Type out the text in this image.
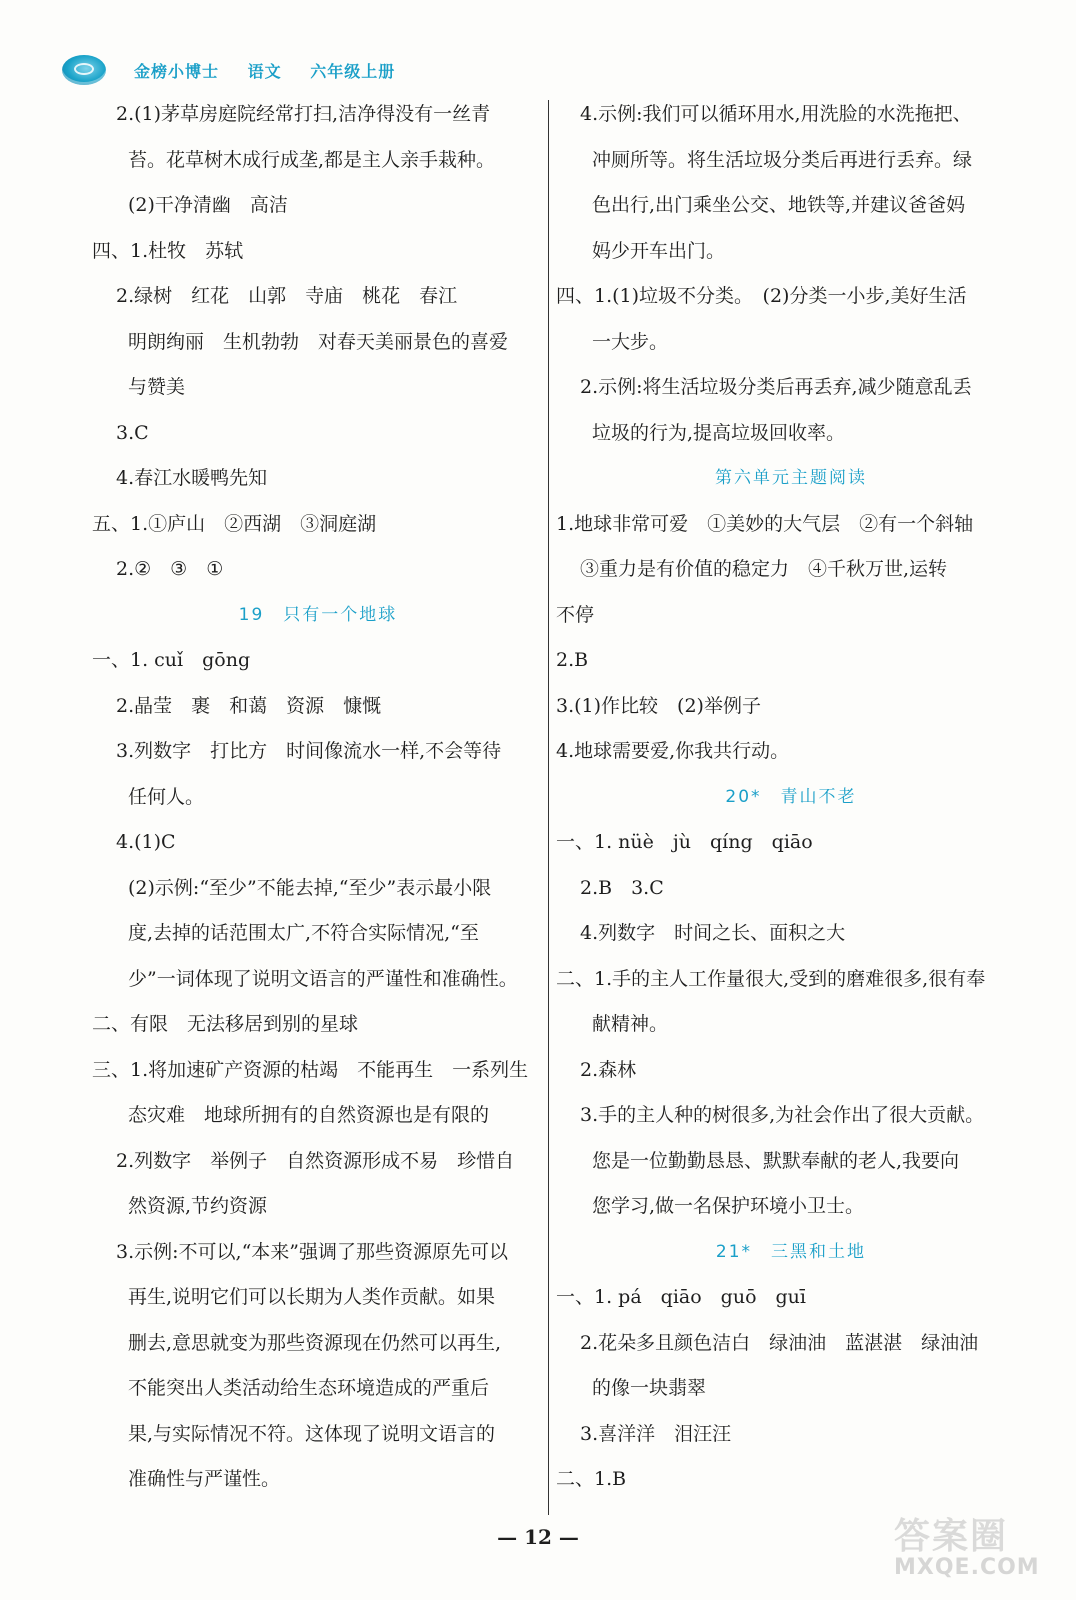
金榜小博士 语文 六年级上册
2.(1)茅草房庭院经常打扫,洁净得没有一丝青
苔。花草树木成行成垄,都是主人亲手栽种。
(2)干净清幽　高洁
四、1.杜牧　苏轼
2.绿树　红花　山郭　寺庙　桃花　春江
明朗绚丽　生机勃勃　对春天美丽景色的喜爱
与赞美
3.C
4.春江水暖鸭先知
五、1.①庐山　②西湖　③洞庭湖
2.②　③　①
19　只有一个地球
一、1. cuǐ　gōng
2.晶莹　裹　和蔼　资源　慷慨
3.列数字　打比方　时间像流水一样,不会等待
任何人。
4.(1)C
(2)示例:“至少”不能去掉,“至少”表示最小限
度,去掉的话范围太广,不符合实际情况,“至
少”一词体现了说明文语言的严谨性和准确性。
二、有限　无法移居到别的星球
三、1.将加速矿产资源的枯竭　不能再生　一系列生
态灾难　地球所拥有的自然资源也是有限的
2.列数字　举例子　自然资源形成不易　珍惜自
然资源,节约资源
3.示例:不可以,“本来”强调了那些资源原先可以
再生,说明它们可以长期为人类作贡献。如果
删去,意思就变为那些资源现在仍然可以再生,
不能突出人类活动给生态环境造成的严重后
果,与实际情况不符。这体现了说明文语言的
准确性与严谨性。
4.示例:我们可以循环用水,用洗脸的水洗拖把、
冲厕所等。将生活垃圾分类后再进行丢弃。绿
色出行,出门乘坐公交、地铁等,并建议爸爸妈
妈少开车出门。
四、1.(1)垃圾不分类。　(2)分类一小步,美好生活
一大步。
2.示例:将生活垃圾分类后再丢弃,减少随意乱丢
垃圾的行为,提高垃圾回收率。
第六单元主题阅读
1.地球非常可爱　①美妙的大气层　②有一个斜轴
③重力是有价值的稳定力　④千秋万世,运转
不停
2.B
3.(1)作比较　(2)举例子
4.地球需要爱,你我共行动。
20*　青山不老
一、1. nüè　jù　qíng　qiāo
2.B　3.C
4.列数字　时间之长、面积之大
二、1.手的主人工作量很大,受到的磨难很多,很有奉
献精神。
2.森林
3.手的主人种的树很多,为社会作出了很大贡献。
您是一位勤勤恳恳、默默奉献的老人,我要向
您学习,做一名保护环境小卫士。
21*　三黑和土地
一、1. pá　qiāo　guō　guī
2.花朵多且颜色洁白　绿油油　蓝湛湛　绿油油
的像一块翡翠
3.喜洋洋　泪汪汪
二、1.B
— 12 —	答案圈
MXQE.COM
